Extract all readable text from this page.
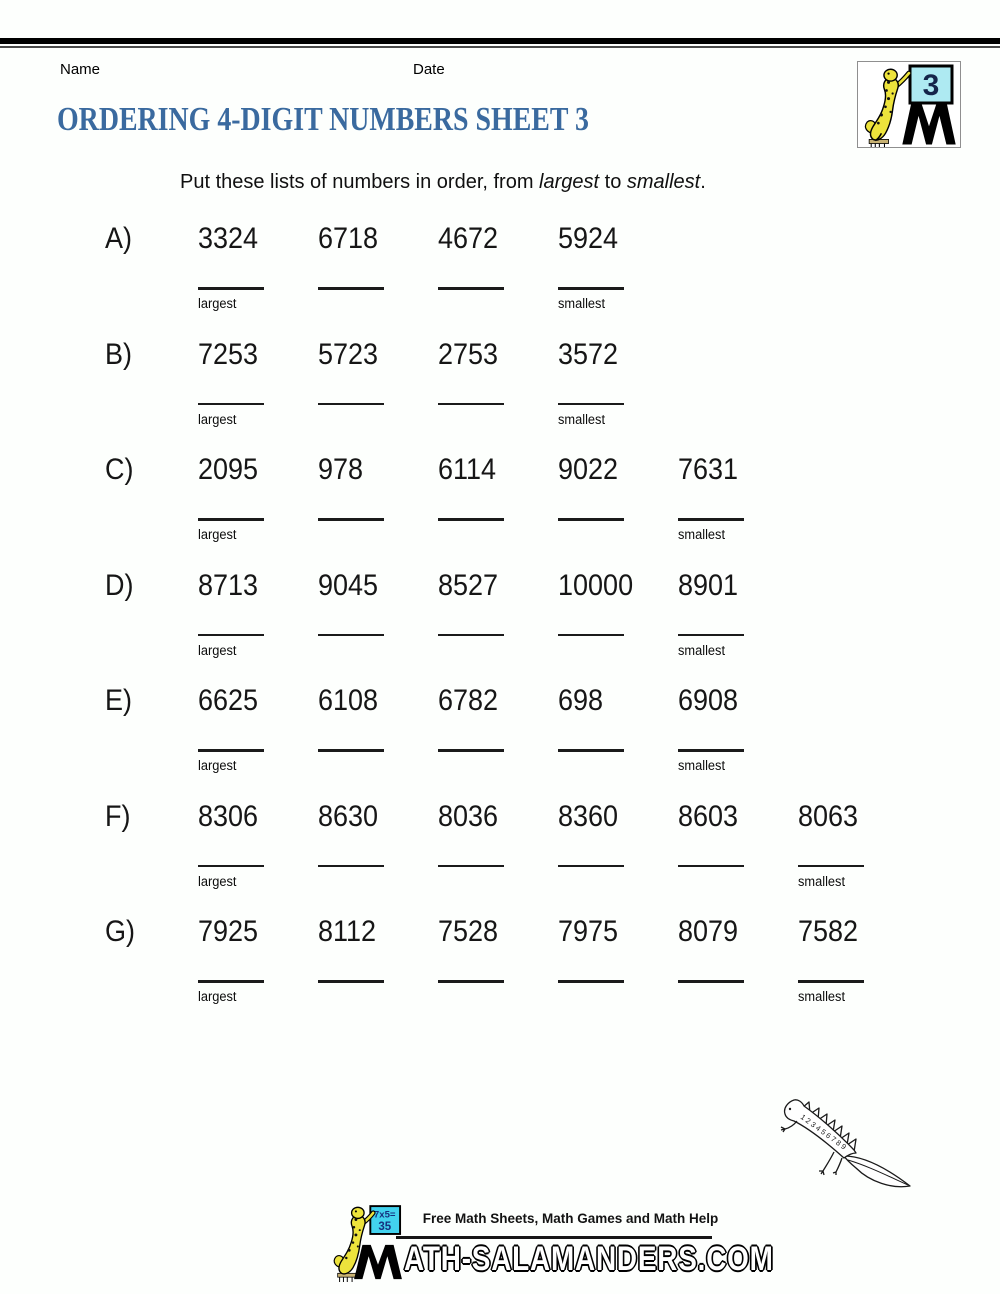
Name	Date	3
ORDERING 4-DIGIT NUMBERS SHEET 3
Put these lists of numbers in order, from largest to smallest.
A) 3324 6718 4672 5924
largest	smallest
B) 7253 5723 2753 3572
largest	smallest
C) 2095 978 6114 9022 7631
largest	smallest
D) 8713 9045 8527 10000 8901
largest	smallest
E) 6625 6108 6782 698 6908
largest	smallest
F) 8306 8630 8036 8360 8603 8063
largest	smallest
G) 7925 8112 7528 7975 8079 7582
largest	smallest
1 2 3 4 5 6 7 8 9
7x5=
35
Free Math Sheets, Math Games and Math Help
ATH-SALAMANDERS.COM
